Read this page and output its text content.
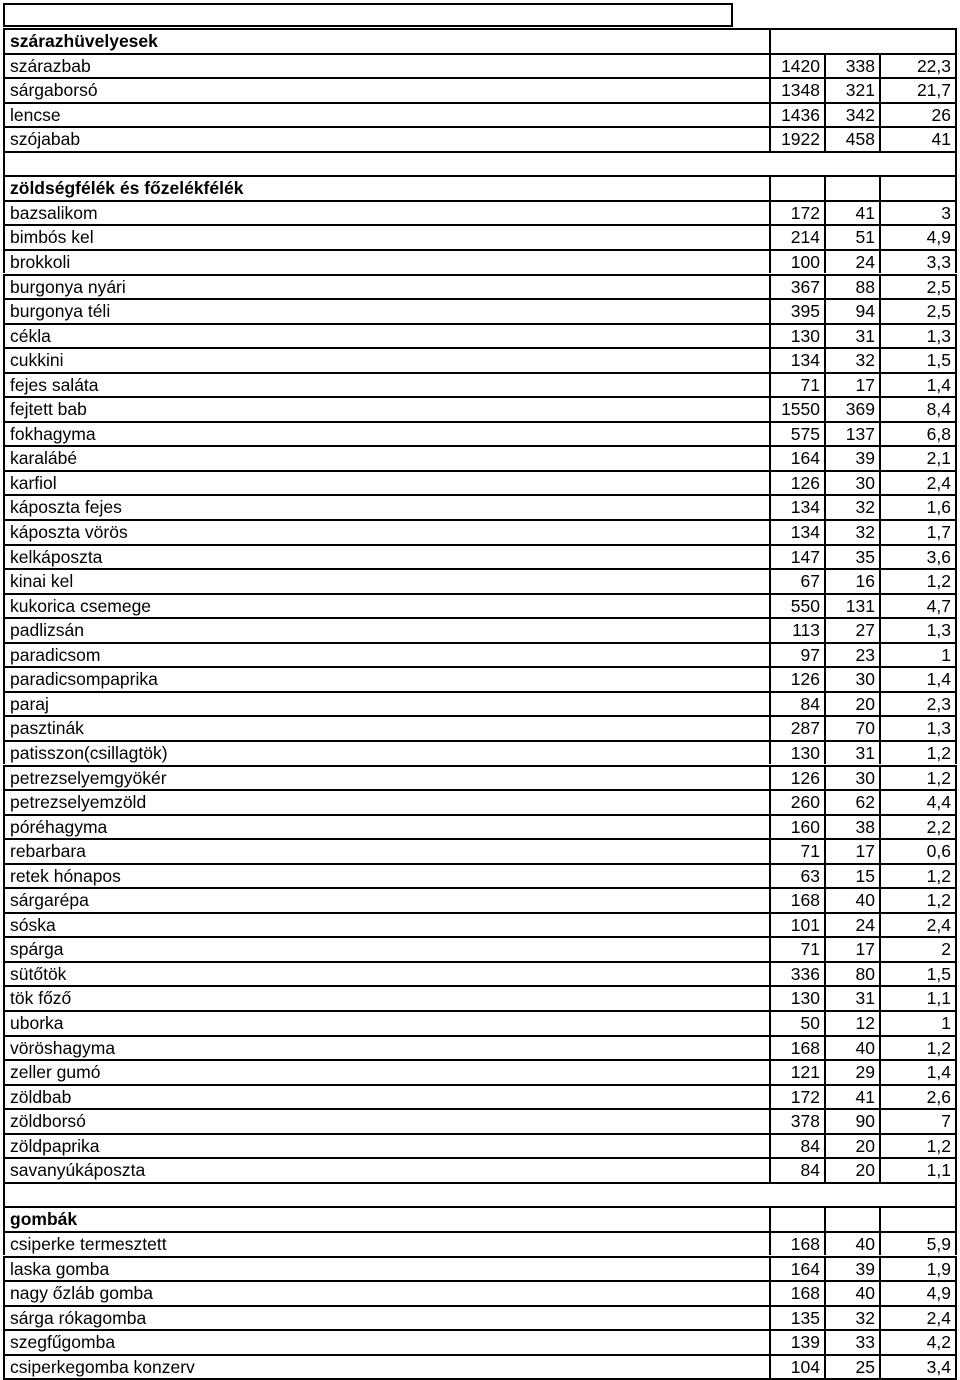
szárazhüvelyesek
szárazbab	1420	338	22,3
sárgaborsó	1348	321	21,7
lencse	1436	342	26
szójabab	1922	458	41
zöldségfélék és főzelékfélék
bazsalikom	172	41	3
bimbós kel	214	51	4,9
brokkoli	100	24	3,3
burgonya nyári	367	88	2,5
burgonya téli	395	94	2,5
cékla	130	31	1,3
cukkini	134	32	1,5
fejes saláta	71	17	1,4
fejtett bab	1550	369	8,4
fokhagyma	575	137	6,8
karalábé	164	39	2,1
karfiol	126	30	2,4
káposzta fejes	134	32	1,6
káposzta vörös	134	32	1,7
kelkáposzta	147	35	3,6
kinai kel	67	16	1,2
kukorica csemege	550	131	4,7
padlizsán	113	27	1,3
paradicsom	97	23	1
paradicsompaprika	126	30	1,4
paraj	84	20	2,3
pasztinák	287	70	1,3
patisszon(csillagtök)	130	31	1,2
petrezselyemgyökér	126	30	1,2
petrezselyemzöld	260	62	4,4
póréhagyma	160	38	2,2
rebarbara	71	17	0,6
retek hónapos	63	15	1,2
sárgarépa	168	40	1,2
sóska	101	24	2,4
spárga	71	17	2
sütőtök	336	80	1,5
tök főző	130	31	1,1
uborka	50	12	1
vöröshagyma	168	40	1,2
zeller gumó	121	29	1,4
zöldbab	172	41	2,6
zöldborsó	378	90	7
zöldpaprika	84	20	1,2
savanyúkáposzta	84	20	1,1
gombák
csiperke termesztett	168	40	5,9
laska gomba	164	39	1,9
nagy őzláb gomba	168	40	4,9
sárga rókagomba	135	32	2,4
szegfűgomba	139	33	4,2
csiperkegomba konzerv	104	25	3,4
